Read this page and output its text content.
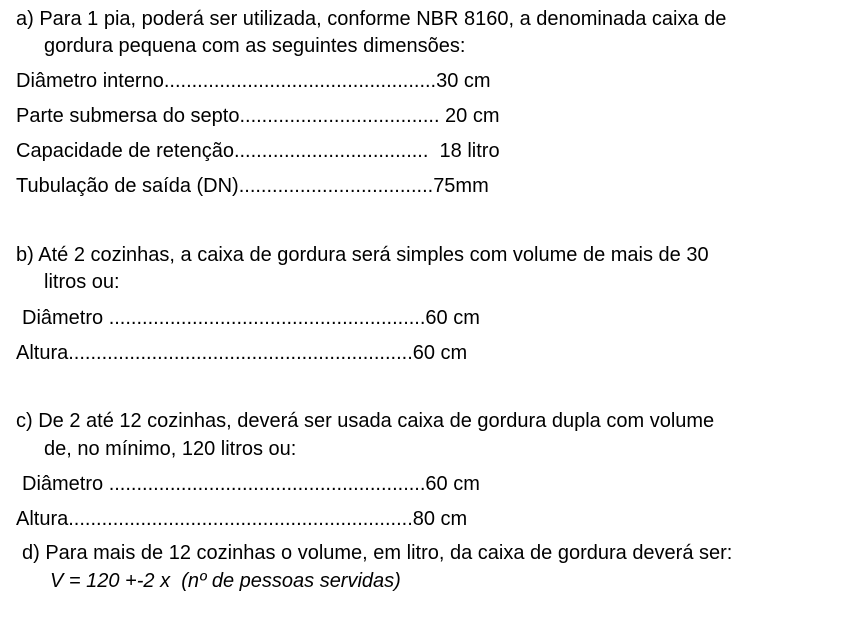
a) Para 1 pia, poderá ser utilizada, conforme NBR 8160, a denominada caixa de
gordura pequena com as seguintes dimensões:
Diâmetro interno.................................................30 cm
Parte submersa do septo.................................... 20 cm
Capacidade de retenção...................................  18 litro
Tubulação de saída (DN)...................................75mm
b) Até 2 cozinhas, a caixa de gordura será simples com volume de mais de 30
litros ou:
Diâmetro .........................................................60 cm
Altura..............................................................60 cm
c) De 2 até 12 cozinhas, deverá ser usada caixa de gordura dupla com volume
de, no mínimo, 120 litros ou:
Diâmetro .........................................................60 cm
Altura..............................................................80 cm
d) Para mais de 12 cozinhas o volume, em litro, da caixa de gordura deverá ser:
V = 120 +-2 x  (nº de pessoas servidas)
